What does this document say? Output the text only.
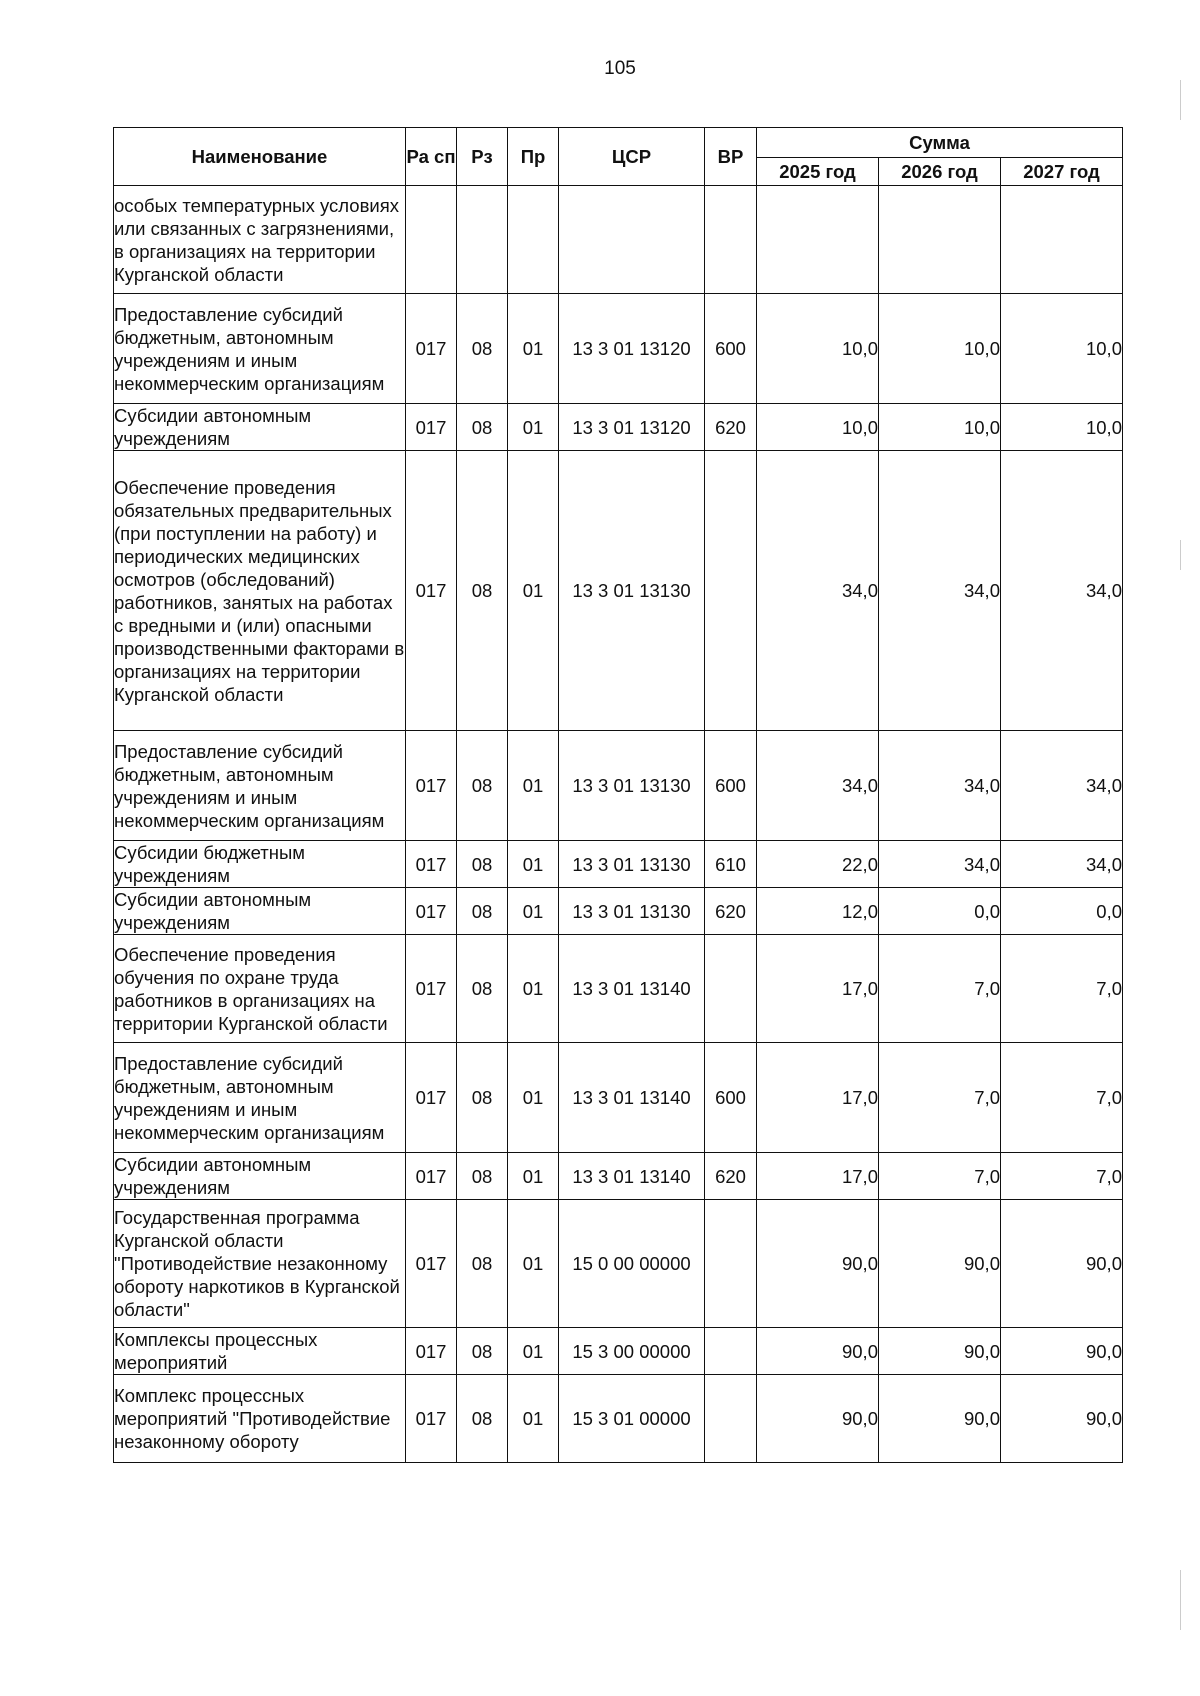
105
Наименование	Ра сп	Рз	Пр	ЦСР	ВР	Сумма		
						2025 год	2026 год	2027 год
особых температурных условиях или связанных с загрязнениями, в организациях на территории Курганской области								
Предоставление субсидий бюджетным, автономным учреждениям и иным некоммерческим организациям	017	08	01	13 3 01 13120	600	10,0	10,0	10,0
Субсидии автономным учреждениям	017	08	01	13 3 01 13120	620	10,0	10,0	10,0
Обеспечение проведения обязательных предварительных (при поступлении на работу) и периодических медицинских осмотров (обследований) работников, занятых на работах с вредными и (или) опасными производственными факторами в организациях на территории Курганской области	017	08	01	13 3 01 13130		34,0	34,0	34,0
Предоставление субсидий бюджетным, автономным учреждениям и иным некоммерческим организациям	017	08	01	13 3 01 13130	600	34,0	34,0	34,0
Субсидии бюджетным учреждениям	017	08	01	13 3 01 13130	610	22,0	34,0	34,0
Субсидии автономным учреждениям	017	08	01	13 3 01 13130	620	12,0	0,0	0,0
Обеспечение проведения обучения по охране труда работников в организациях на территории Курганской области	017	08	01	13 3 01 13140		17,0	7,0	7,0
Предоставление субсидий бюджетным, автономным учреждениям и иным некоммерческим организациям	017	08	01	13 3 01 13140	600	17,0	7,0	7,0
Субсидии автономным учреждениям	017	08	01	13 3 01 13140	620	17,0	7,0	7,0
Государственная программа Курганской области "Противодействие незаконному обороту наркотиков в Курганской области"	017	08	01	15 0 00 00000		90,0	90,0	90,0
Комплексы процессных мероприятий	017	08	01	15 3 00 00000		90,0	90,0	90,0
Комплекс процессных мероприятий "Противодействие незаконному обороту	017	08	01	15 3 01 00000		90,0	90,0	90,0
